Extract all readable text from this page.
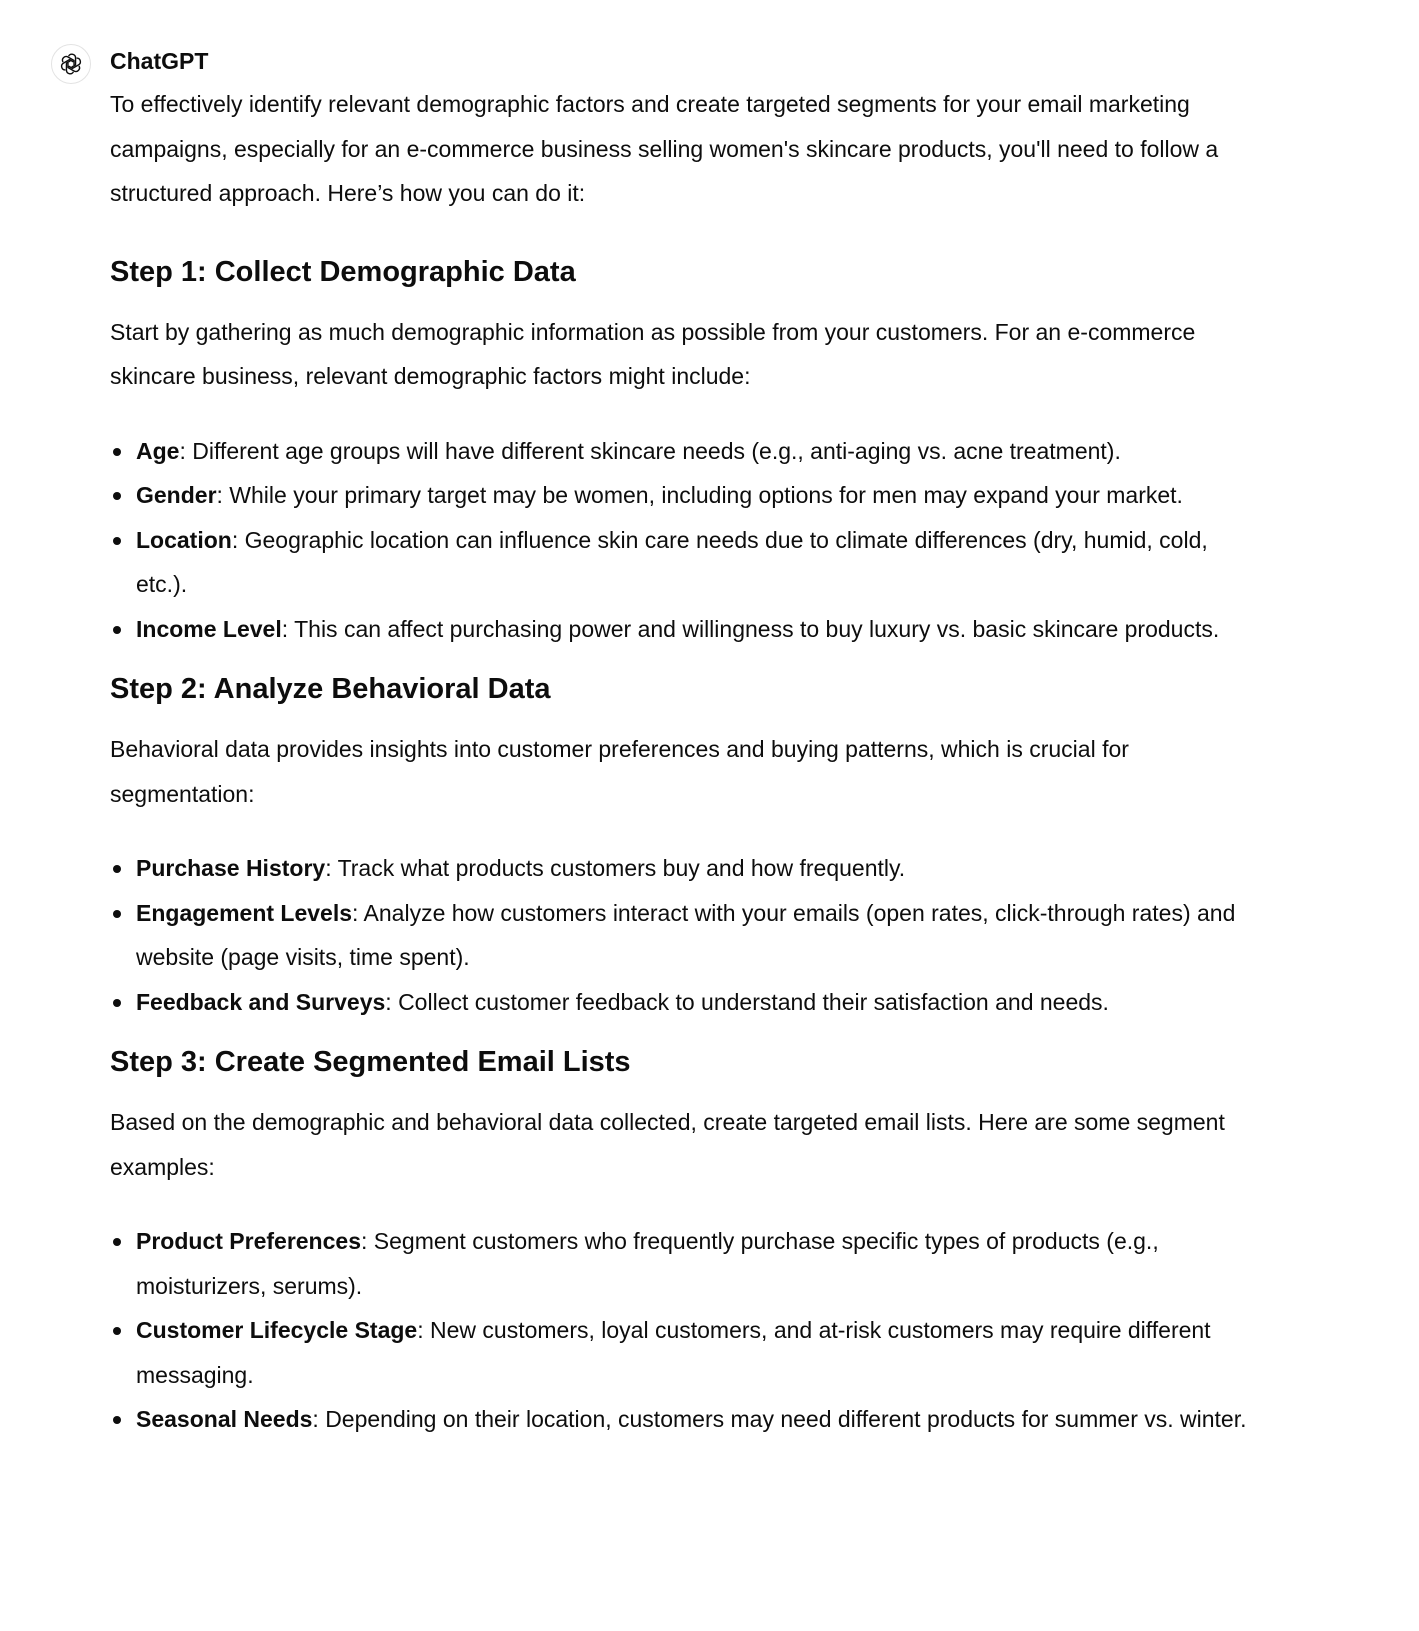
ChatGPT

To effectively identify relevant demographic factors and create targeted segments for your email marketing campaigns, especially for an e-commerce business selling women's skincare products, you'll need to follow a structured approach. Here’s how you can do it:

Step 1: Collect Demographic Data

Start by gathering as much demographic information as possible from your customers. For an e-commerce skincare business, relevant demographic factors might include:

Age: Different age groups will have different skincare needs (e.g., anti-aging vs. acne treatment).
Gender: While your primary target may be women, including options for men may expand your market.
Location: Geographic location can influence skin care needs due to climate differences (dry, humid, cold, etc.).
Income Level: This can affect purchasing power and willingness to buy luxury vs. basic skincare products.
Step 2: Analyze Behavioral Data

Behavioral data provides insights into customer preferences and buying patterns, which is crucial for segmentation:

Purchase History: Track what products customers buy and how frequently.
Engagement Levels: Analyze how customers interact with your emails (open rates, click-through rates) and website (page visits, time spent).
Feedback and Surveys: Collect customer feedback to understand their satisfaction and needs.
Step 3: Create Segmented Email Lists

Based on the demographic and behavioral data collected, create targeted email lists. Here are some segment examples:

Product Preferences: Segment customers who frequently purchase specific types of products (e.g., moisturizers, serums).
Customer Lifecycle Stage: New customers, loyal customers, and at-risk customers may require different messaging.
Seasonal Needs: Depending on their location, customers may need different products for summer vs. winter.
